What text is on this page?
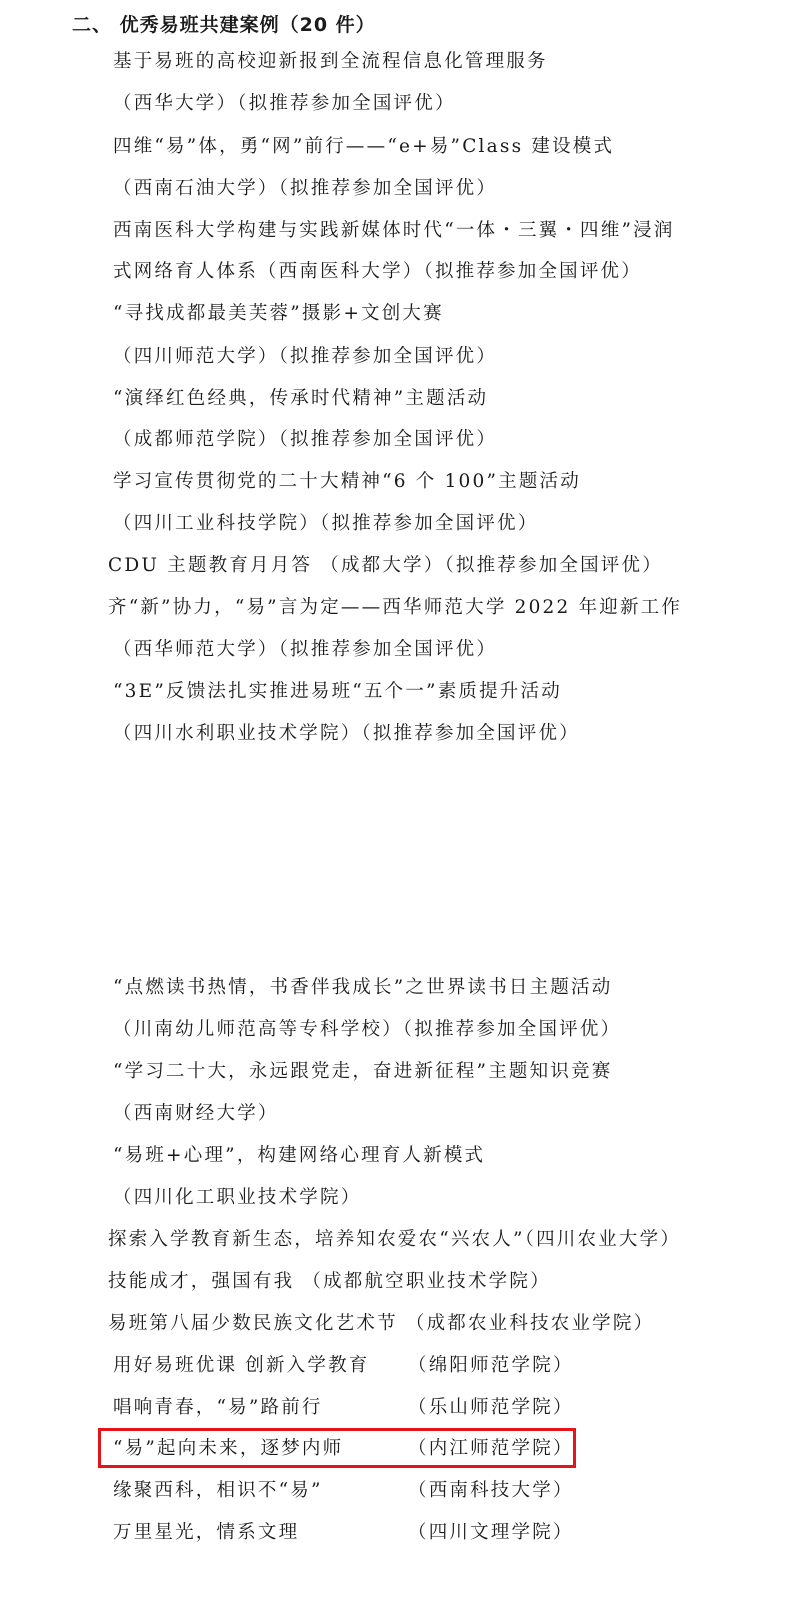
二、 优秀易班共建案例（20 件）
基于易班的高校迎新报到全流程信息化管理服务
（西华大学）（拟推荐参加全国评优）
四维“易”体，勇“网”前行——“e+易”Class 建设模式
（西南石油大学）（拟推荐参加全国评优）
西南医科大学构建与实践新媒体时代“一体・三翼・四维”浸润
式网络育人体系（西南医科大学）（拟推荐参加全国评优）
“寻找成都最美芙蓉”摄影+文创大赛
（四川师范大学）（拟推荐参加全国评优）
“演绎红色经典，传承时代精神”主题活动
（成都师范学院）（拟推荐参加全国评优）
学习宣传贯彻党的二十大精神“6 个 100”主题活动
（四川工业科技学院）（拟推荐参加全国评优）
CDU 主题教育月月答 （成都大学）（拟推荐参加全国评优）
齐“新”协力，“易”言为定——西华师范大学 2022 年迎新工作
（西华师范大学）（拟推荐参加全国评优）
“3E”反馈法扎实推进易班“五个一”素质提升活动
（四川水利职业技术学院）（拟推荐参加全国评优）
“点燃读书热情，书香伴我成长”之世界读书日主题活动
（川南幼儿师范高等专科学校）（拟推荐参加全国评优）
“学习二十大，永远跟党走，奋进新征程”主题知识竞赛
（西南财经大学）
“易班+心理”，构建网络心理育人新模式
（四川化工职业技术学院）
探索入学教育新生态，培养知农爱农“兴农人”（四川农业大学）
技能成才，强国有我 （成都航空职业技术学院）
易班第八届少数民族文化艺术节 （成都农业科技农业学院）
用好易班优课 创新入学教育 （绵阳师范学院）
唱响青春，“易”路前行	（乐山师范学院）
“易”起向未来，逐梦内师	（内江师范学院）
缘聚西科，相识不“易”	（西南科技大学）
万里星光，情系文理	（四川文理学院）
